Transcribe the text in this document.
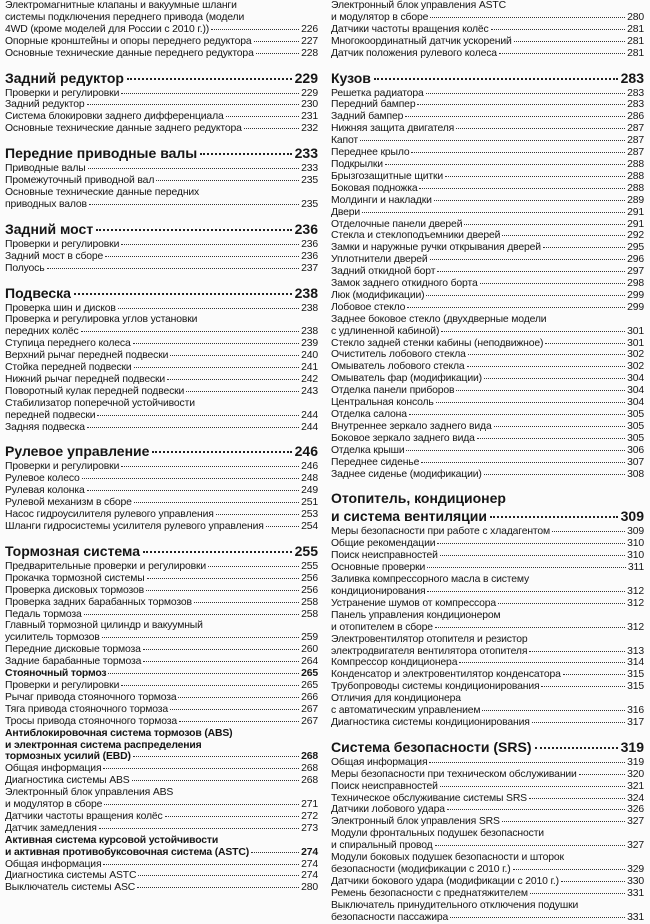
Электромагнитные клапаны и вакуумные шланги
системы подключения переднего привода (модели
4WD (кроме моделей для России с 2010 г.))	226
Опорные кронштейны и опоры переднего редуктора	227
Основные технические данные переднего редуктора	228
Задний редуктор	229
Проверки и регулировки	229
Задний редуктор	230
Система блокировки заднего дифференциала	231
Основные технические данные заднего редуктора	232
Передние приводные валы	233
Приводные валы	233
Промежуточный приводной вал	235
Основные технические данные передних
приводных валов	235
Задний мост	236
Проверки и регулировки	236
Задний мост в сборе	236
Полуось	237
Подвеска	238
Проверка шин и дисков	238
Проверка и регулировка углов установки
передних колёс	238
Ступица переднего колеса	239
Верхний рычаг передней подвески	240
Стойка передней подвески	241
Нижний рычаг передней подвески	242
Поворотный кулак передней подвески	243
Стабилизатор поперечной устойчивости
передней подвески	244
Задняя подвеска	244
Рулевое управление	246
Проверки и регулировки	246
Рулевое колесо	248
Рулевая колонка	249
Рулевой механизм в сборе	251
Насос гидроусилителя рулевого управления	253
Шланги гидросистемы усилителя рулевого управления	254
Тормозная система	255
Предварительные проверки и регулировки	255
Прокачка тормозной системы	256
Проверка дисковых тормозов	256
Проверка задних барабанных тормозов	258
Педаль тормоза	258
Главный тормозной цилиндр и вакуумный
усилитель тормозов	259
Передние дисковые тормоза	260
Задние барабанные тормоза	264
Стояночный тормоз	265
Проверки и регулировки	265
Рычаг привода стояночного тормоза	266
Тяга привода стояночного тормоза	267
Тросы привода стояночного тормоза	267
Антиблокировочная система тормозов (ABS)
и электронная система распределения
тормозных усилий (EBD)	268
Общая информация	268
Диагностика системы ABS	268
Электронный блок управления ABS
и модулятор в сборе	271
Датчики частоты вращения колёс	272
Датчик замедления	273
Активная система курсовой устойчивости
и активная противобуксовочная система (ASTC)	274
Общая информация	274
Диагностика системы ASTC	274
Выключатель системы ASC	280
Электронный блок управления ASTC
и модулятор в сборе	280
Датчики частоты вращения колёс	281
Многокоординатный датчик ускорений	281
Датчик положения рулевого колеса	281
Кузов	283
Решетка радиатора	283
Передний бампер	283
Задний бампер	286
Нижняя защита двигателя	287
Капот	287
Переднее крыло	287
Подкрылки	288
Брызгозащитные щитки	288
Боковая подножка	288
Молдинги и накладки	289
Двери	291
Отделочные панели дверей	291
Стекла и стеклоподъемники дверей	292
Замки и наружные ручки открывания дверей	295
Уплотнители дверей	296
Задний откидной борт	297
Замок заднего откидного борта	298
Люк (модификации)	299
Лобовое стекло	299
Заднее боковое стекло (двухдверные модели
с удлиненной кабиной)	301
Стекло задней стенки кабины (неподвижное)	301
Очиститель лобового стекла	302
Омыватель лобового стекла	302
Омыватель фар (модификации)	304
Отделка панели приборов	304
Центральная консоль	304
Отделка салона	305
Внутреннее зеркало заднего вида	305
Боковое зеркало заднего вида	305
Отделка крыши	306
Переднее сиденье	307
Заднее сиденье (модификации)	308
Отопитель, кондиционер
и система вентиляции	309
Меры безопасности при работе с хладагентом	309
Общие рекомендации	310
Поиск неисправностей	310
Основные проверки	311
Заливка компрессорного масла в систему
кондиционирования	312
Устранение шумов от компрессора	312
Панель управления кондиционером
и отопителем в сборе	312
Электровентилятор отопителя и резистор
электродвигателя вентилятора отопителя	313
Компрессор кондиционера	314
Конденсатор и электровентилятор конденсатора	315
Трубопроводы системы кондиционирования	315
Отличия для кондиционера
с автоматическим управлением	316
Диагностика системы кондиционирования	317
Система безопасности (SRS)	319
Общая информация	319
Меры безопасности при техническом обслуживании	320
Поиск неисправностей	321
Техническое обслуживание системы SRS	324
Датчики лобового удара	326
Электронный блок управления SRS	327
Модули фронтальных подушек безопасности
и спиральный провод	327
Модули боковых подушек безопасности и шторок
безопасности (модификации с 2010 г.)	329
Датчики бокового удара (модификации с 2010 г.)	330
Ремень безопасности с преднатяжителем	331
Выключатель принудительного отключения подушки
безопасности пассажира	331
